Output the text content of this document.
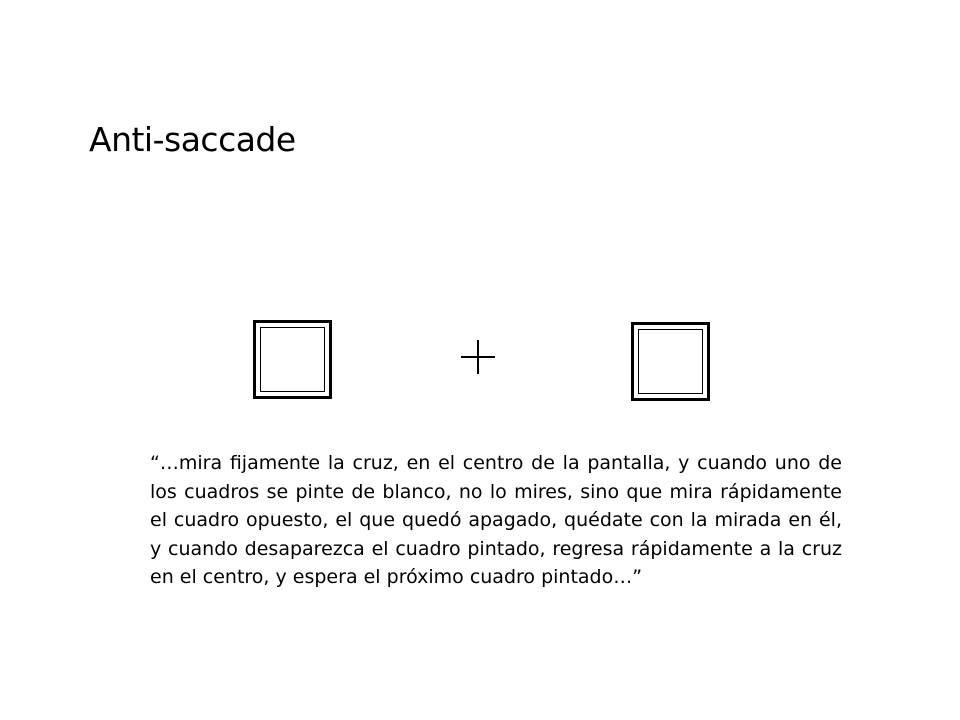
Anti-saccade
“…mira fijamente la cruz, en el centro de la pantalla, y cuando uno de los cuadros se pinte de blanco, no lo mires, sino que mira rápidamente el cuadro opuesto, el que quedó apagado, quédate con la mirada en él, y cuando desaparezca el cuadro pintado, regresa rápidamente a la cruz en el centro, y espera el próximo cuadro pintado…”
